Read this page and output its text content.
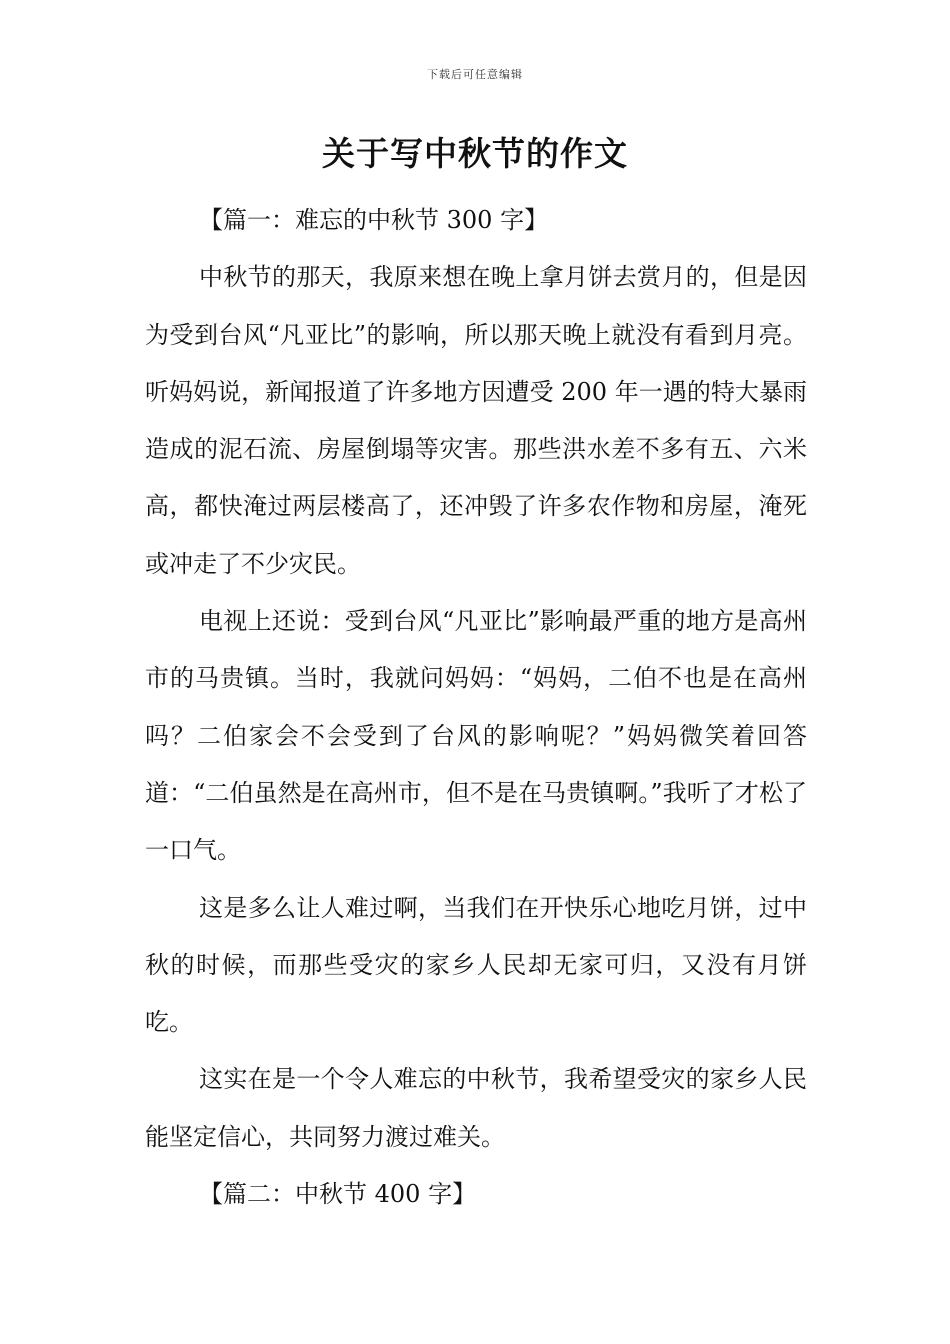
下载后可任意编辑
关于写中秋节的作文

【篇一：难忘的中秋节 300 字】

中秋节的那天，我原来想在晚上拿月饼去赏月的，但是因为受到台风“凡亚比”的影响，所以那天晚上就没有看到月亮。听妈妈说，新闻报道了许多地方因遭受 200 年一遇的特大暴雨造成的泥石流、房屋倒塌等灾害。那些洪水差不多有五、六米高，都快淹过两层楼高了，还冲毁了许多农作物和房屋，淹死或冲走了不少灾民。

电视上还说：受到台风“凡亚比”影响最严重的地方是高州市的马贵镇。当时，我就问妈妈：“妈妈，二伯不也是在高州吗？二伯家会不会受到了台风的影响呢？”妈妈微笑着回答道：“二伯虽然是在高州市，但不是在马贵镇啊。”我听了才松了一口气。

这是多么让人难过啊，当我们在开快乐心地吃月饼，过中秋的时候，而那些受灾的家乡人民却无家可归，又没有月饼吃。

这实在是一个令人难忘的中秋节，我希望受灾的家乡人民能坚定信心，共同努力渡过难关。

【篇二：中秋节 400 字】
